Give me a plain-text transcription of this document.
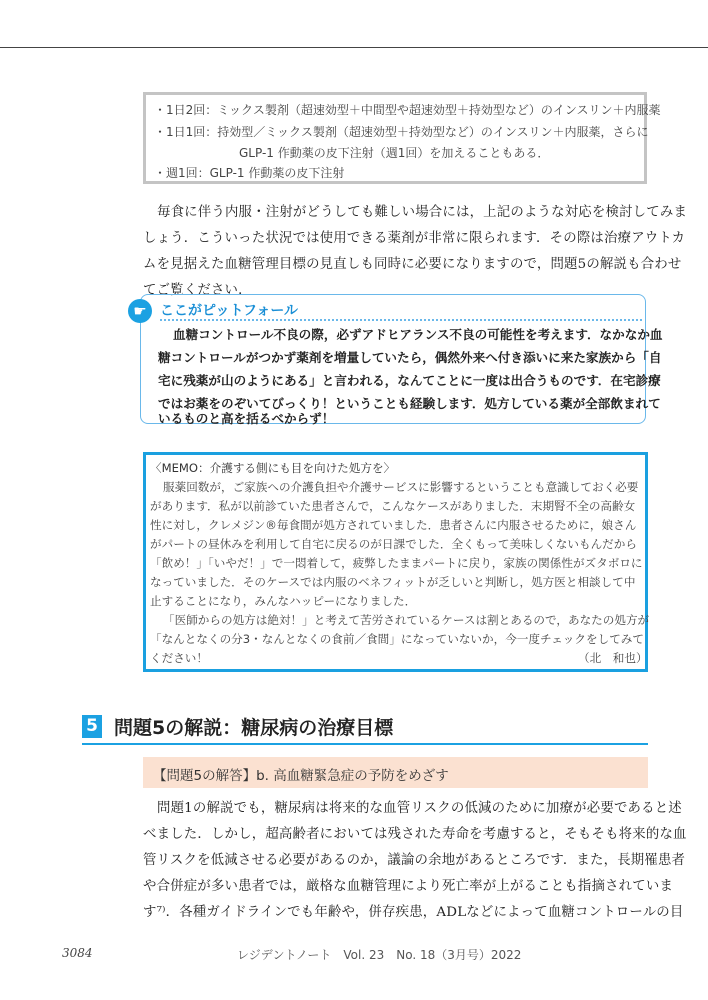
・1日2回：ミックス製剤（超速効型＋中間型や超速効型＋持効型など）のインスリン＋内服薬
・1日1回：持効型／ミックス製剤（超速効型＋持効型など）のインスリン＋内服薬，さらに
GLP-1 作動薬の皮下注射（週1回）を加えることもある．
・週1回：GLP-1 作動薬の皮下注射
毎食に伴う内服・注射がどうしても難しい場合には，上記のような対応を検討してみま
しょう．こういった状況では使用できる薬剤が非常に限られます．その際は治療アウトカ
ムを見据えた血糖管理目標の見直しも同時に必要になりますので，問題5の解説も合わせ
てご覧ください．
☛ ここがピットフォール
血糖コントロール不良の際，必ずアドヒアランス不良の可能性を考えます．なかなか血
糖コントロールがつかず薬剤を増量していたら，偶然外来へ付き添いに来た家族から「自
宅に残薬が山のようにある」と言われる，なんてことに一度は出合うものです．在宅診療
ではお薬をのぞいてびっくり！ということも経験します．処方している薬が全部飲まれて
〈MEMO：介護する側にも目を向けた処方を〉
服薬回数が，ご家族への介護負担や介護サービスに影響するということも意識しておく必要
があります．私が以前診ていた患者さんで，こんなケースがありました．末期腎不全の高齢女
性に対し，クレメジン®毎食間が処方されていました．患者さんに内服させるために，娘さん
がパートの昼休みを利用して自宅に戻るのが日課でした．全くもって美味しくないもんだから
「飲め！」「いやだ！」で一悶着して，疲弊したままパートに戻り，家族の関係性がズタボロに
なっていました．そのケースでは内服のベネフィットが乏しいと判断し，処方医と相談して中
止することになり，みんなハッピーになりました．
「医師からの処方は絶対！」と考えて苦労されているケースは割とあるので，あなたの処方が
「なんとなくの分3・なんとなくの食前／食間」になっていないか，今一度チェックをしてみて
ください！	（北　和也）
5 問題5の解説：糖尿病の治療目標
【問題5の解答】b. 高血糖緊急症の予防をめざす
問題1の解説でも，糖尿病は将来的な血管リスクの低減のために加療が必要であると述
べました．しかし，超高齢者においては残された寿命を考慮すると，そもそも将来的な血
管リスクを低減させる必要があるのか，議論の余地があるところです．また，長期罹患者
や合併症が多い患者では，厳格な血糖管理により死亡率が上がることも指摘されていま
す⁷⁾．各種ガイドラインでも年齢や，併存疾患，ADLなどによって血糖コントロールの目
3084	レジデントノート　Vol. 23　No. 18（3月号）2022
いるものと高を括るべからず！
